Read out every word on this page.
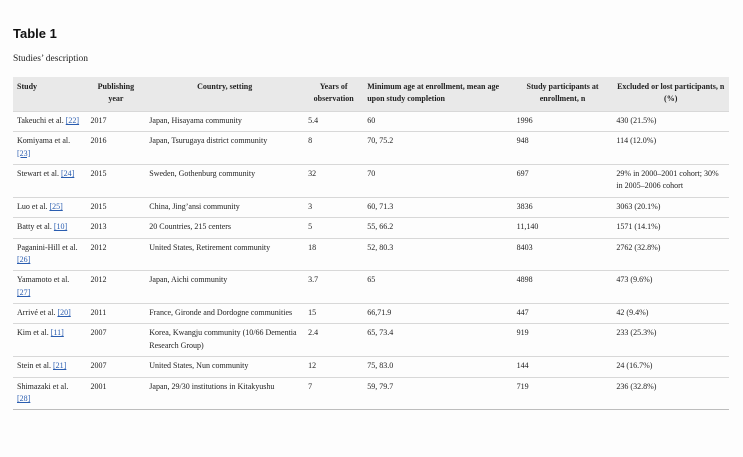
Table 1
Studies’ description
Study	Publishing year	Country, setting	Years of observation	Minimum age at enrollment, mean age upon study completion	Study participants at enrollment, n	Excluded or lost participants, n (%)
Takeuchi et al. [22]	2017	Japan, Hisayama community	5.4	60	1996	430 (21.5%)
Komiyama et al. [23]	2016	Japan, Tsurugaya district community	8	70, 75.2	948	114 (12.0%)
Stewart et al. [24]	2015	Sweden, Gothenburg community	32	70	697	29% in 2000–2001 cohort; 30% in 2005–2006 cohort
Luo et al. [25]	2015	China, Jing’ansi community	3	60, 71.3	3836	3063 (20.1%)
Batty et al. [10]	2013	20 Countries, 215 centers	5	55, 66.2	11,140	1571 (14.1%)
Paganini-Hill et al. [26]	2012	United States, Retirement community	18	52, 80.3	8403	2762 (32.8%)
Yamamoto et al. [27]	2012	Japan, Aichi community	3.7	65	4898	473 (9.6%)
Arrivé et al. [20]	2011	France, Gironde and Dordogne communities	15	66,71.9	447	42 (9.4%)
Kim et al. [11]	2007	Korea, Kwangju community (10/66 Dementia Research Group)	2.4	65, 73.4	919	233 (25.3%)
Stein et al. [21]	2007	United States, Nun community	12	75, 83.0	144	24 (16.7%)
Shimazaki et al. [28]	2001	Japan, 29/30 institutions in Kitakyushu	7	59, 79.7	719	236 (32.8%)
